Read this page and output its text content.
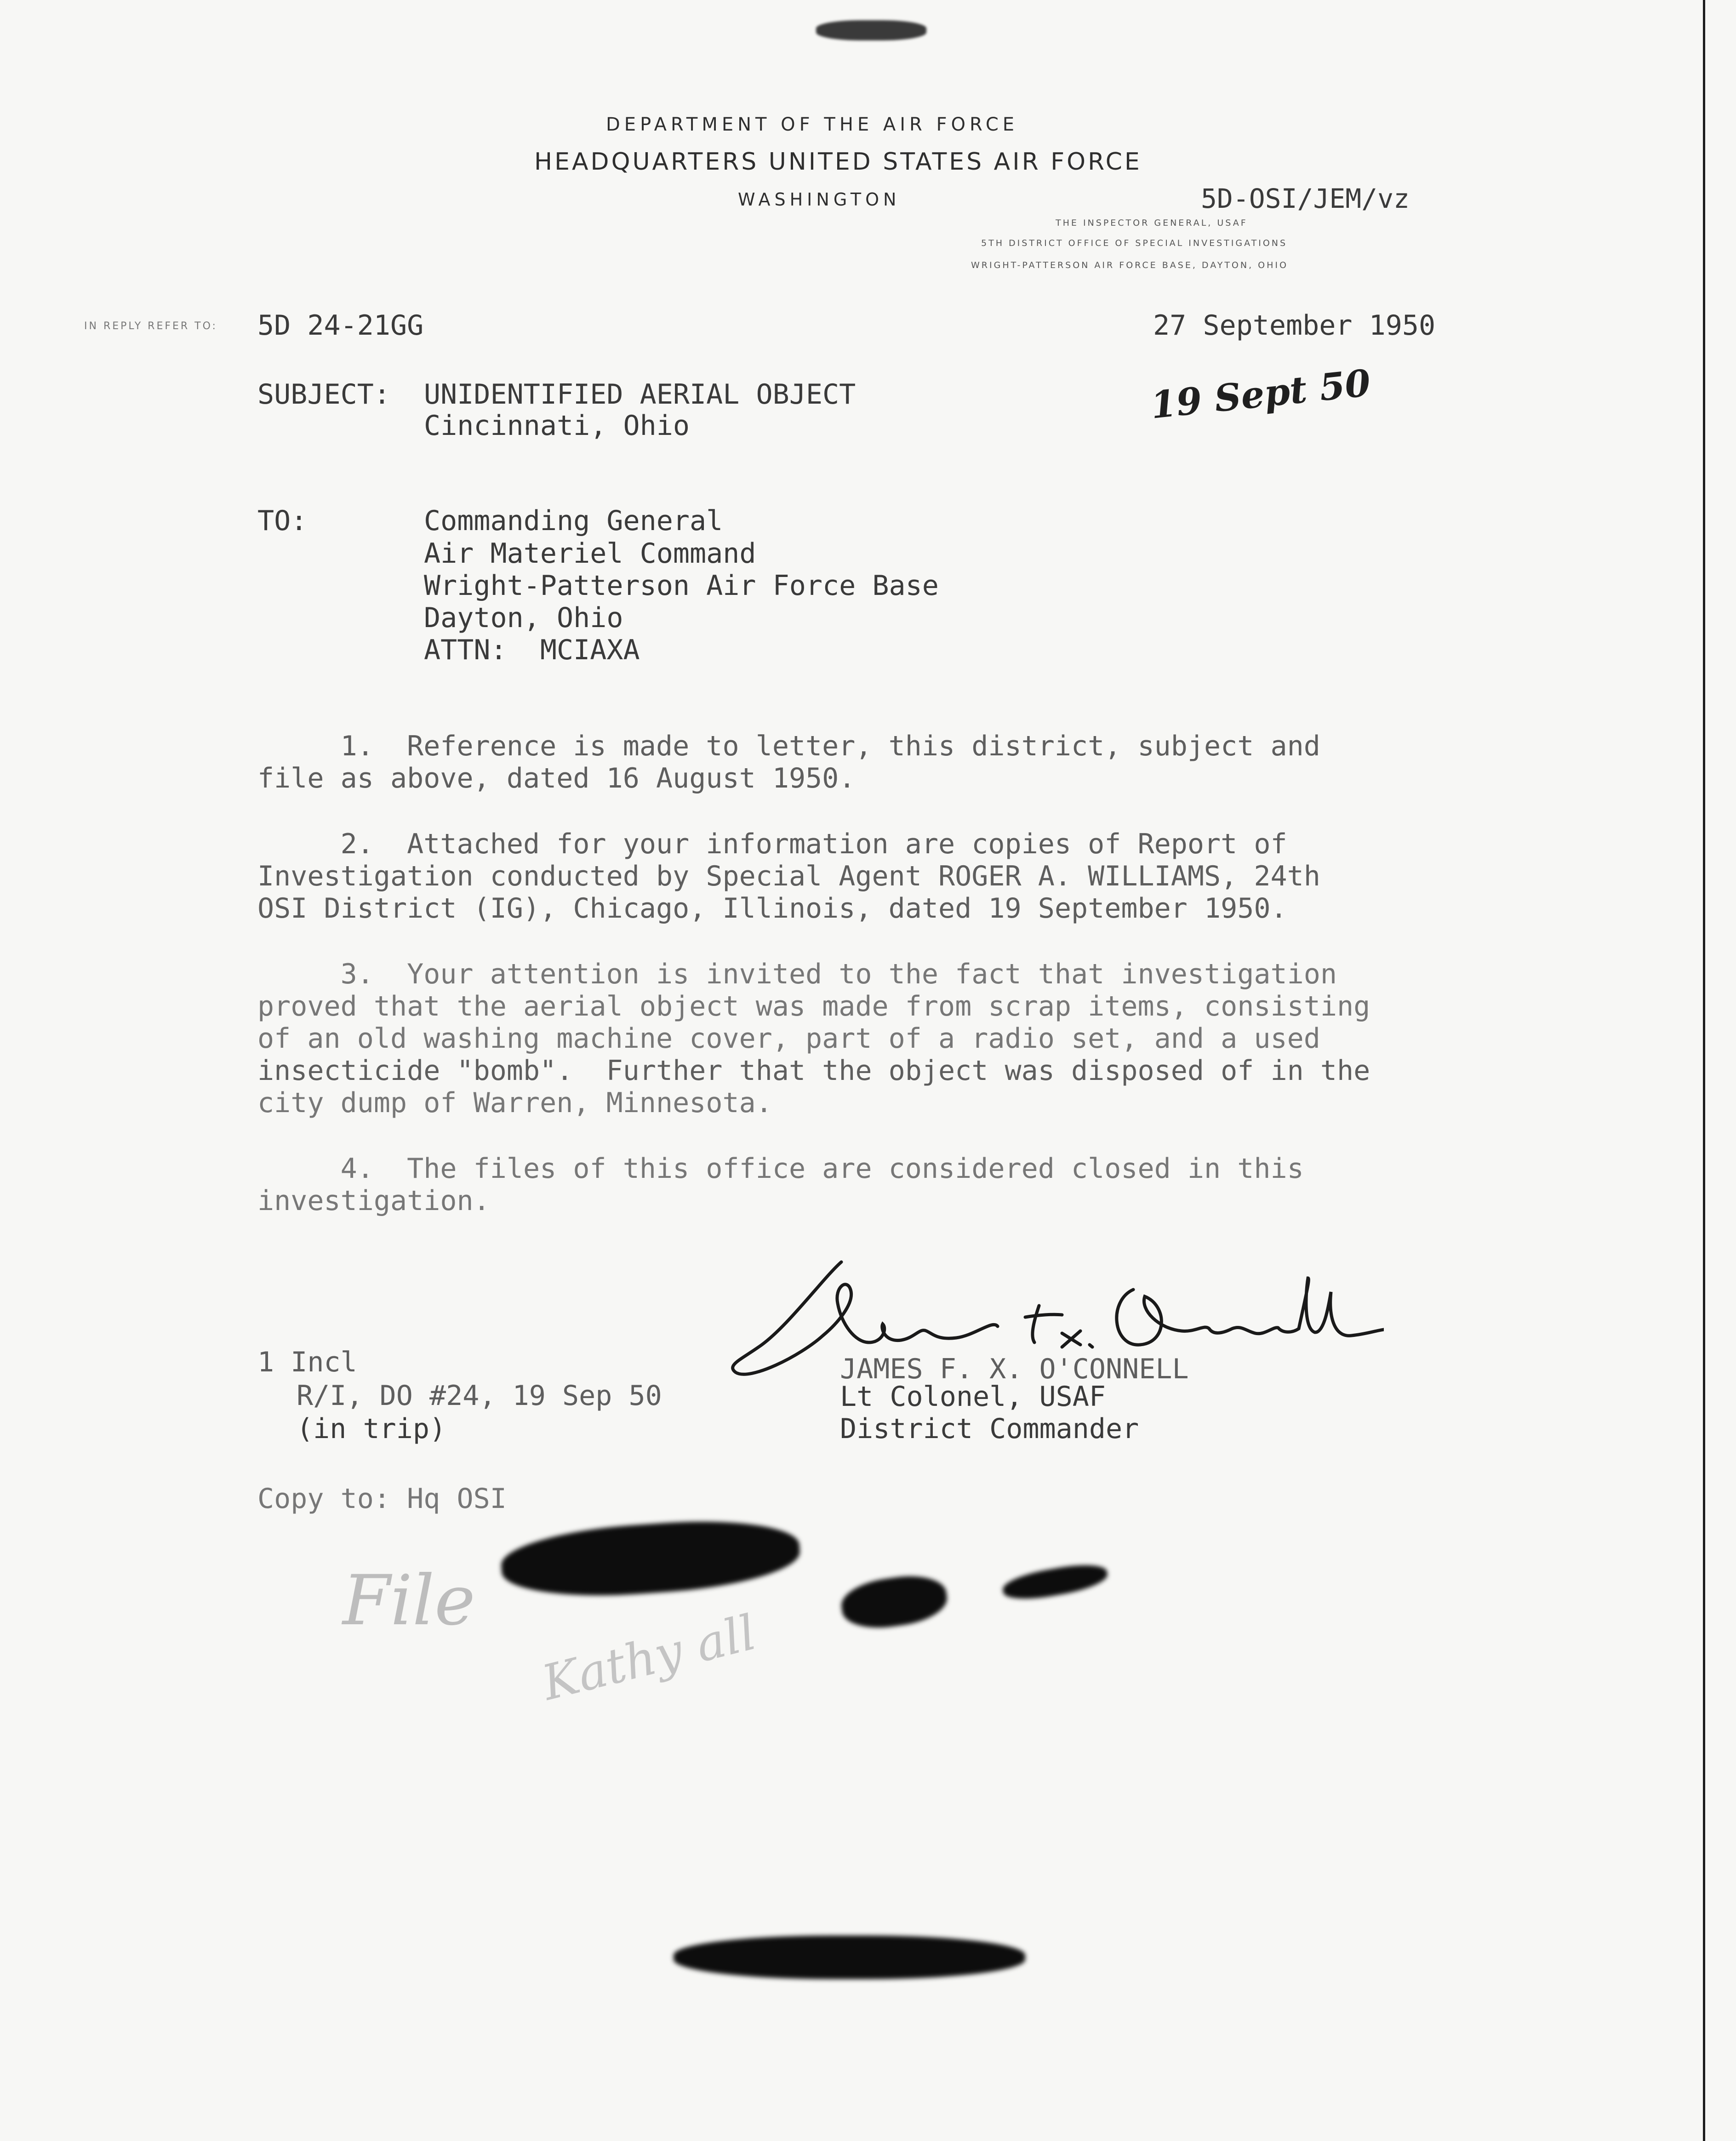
DEPARTMENT OF THE AIR FORCE
HEADQUARTERS UNITED STATES AIR FORCE
WASHINGTON	5D-OSI/JEM/vz
THE INSPECTOR GENERAL, USAF
5TH DISTRICT OFFICE OF SPECIAL INVESTIGATIONS
WRIGHT-PATTERSON AIR FORCE BASE, DAYTON, OHIO
IN REPLY REFER TO: 5D 24-21GG	27 September 1950
19 Sept 50
SUBJECT: UNIDENTIFIED AERIAL OBJECT
Cincinnati, Ohio
TO:	Commanding General
Air Materiel Command
Wright-Patterson Air Force Base
Dayton, Ohio
ATTN:  MCIAXA
1.  Reference is made to letter, this district, subject and
file as above, dated 16 August 1950.
2.  Attached for your information are copies of Report of
Investigation conducted by Special Agent ROGER A. WILLIAMS, 24th
OSI District (IG), Chicago, Illinois, dated 19 September 1950.
3.  Your attention is invited to the fact that investigation
proved that the aerial object was made from scrap items, consisting
of an old washing machine cover, part of a radio set, and a used
insecticide "bomb".  Further that the object was disposed of in the
city dump of Warren, Minnesota.
4.  The files of this office are considered closed in this
investigation.
1 Incl
R/I, DO #24, 19 Sep 50
(in trip)
JAMES F. X. O'CONNELL
Lt Colonel, USAF
District Commander
Copy to: Hq OSI
File
Kathy all
